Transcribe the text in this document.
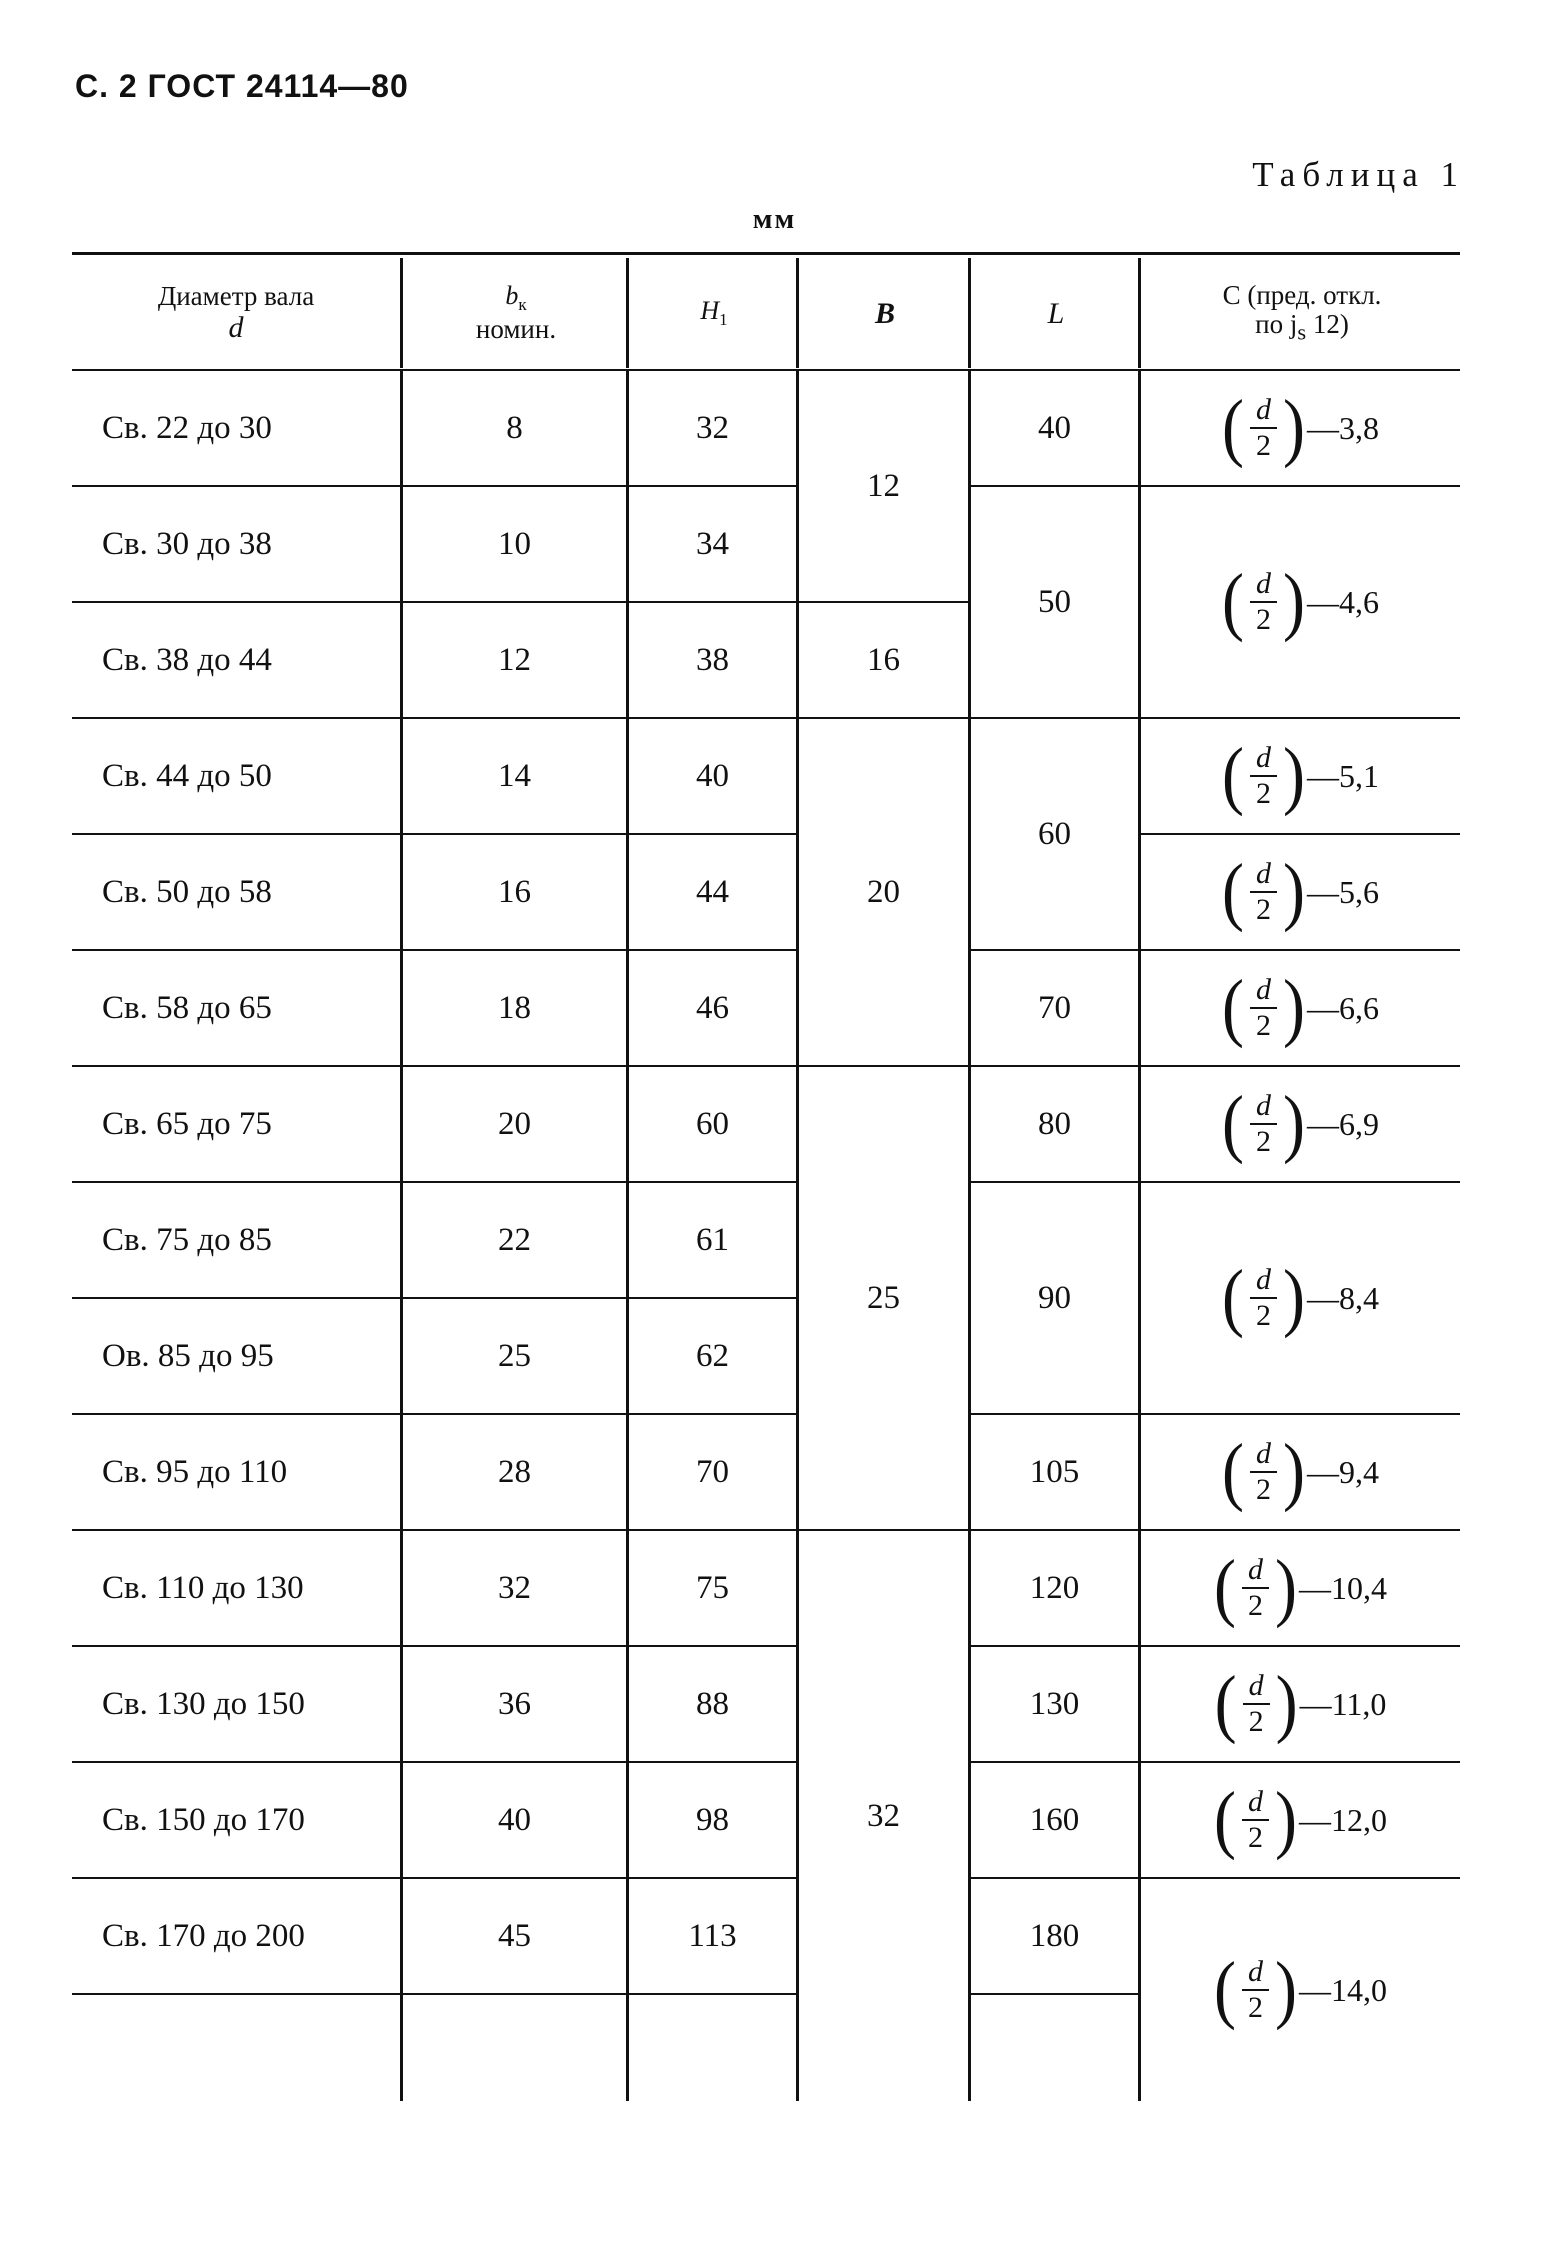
С. 2 ГОСТ 24114—80
Таблица 1
мм
Диаметр вала
d
$b_к$
номин.
$H_1$	B	L
C (пред. откл.
по $j_s$ 12)
Св. 22 до 30
Св. 30 до 38
Св. 38 до 44
Св. 44 до 50
Св. 50 до 58
Св. 58 до 65
Св. 65 до 75
Св. 75 до 85
Ов. 85 до 95
Св. 95 до 110
Св. 110 до 130
Св. 130 до 150
Св. 150 до 170
Св. 170 до 200
8
10
12
14
16
18
20
22
25
28
32
36
40
45
32
34
38
40
44
46
60
61
62
70
75
88
98
113
12
16
20
25
32
40
50
60
70
80
90
105
120
130
160
180
( $\frac{d}{2}$ ) —3,8
( $\frac{d}{2}$ ) —4,6
( $\frac{d}{2}$ ) —5,1
( $\frac{d}{2}$ ) —5,6
( $\frac{d}{2}$ ) —6,6
( $\frac{d}{2}$ ) —6,9
( $\frac{d}{2}$ ) —8,4
( $\frac{d}{2}$ ) —9,4
( $\frac{d}{2}$ ) —10,4
( $\frac{d}{2}$ ) —11,0
( $\frac{d}{2}$ ) —12,0
( $\frac{d}{2}$ ) —14,0
